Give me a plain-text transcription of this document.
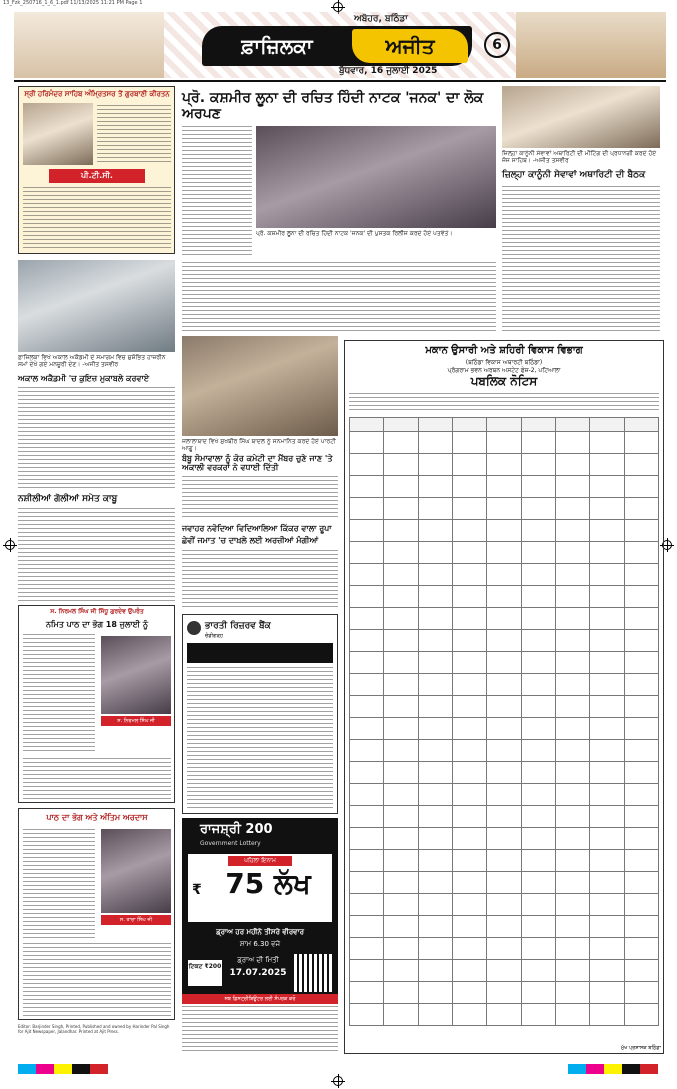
13_Fzk_250716_1_6_1.pdf 11/13/2025 11:21 PM Page 1
ਅਬੋਹਰ, ਬਠਿੰਡਾ
ਫ਼ਾਜ਼ਿਲਕਾ	ਅਜੀਤ	6
ਬੁੱਧਵਾਰ, 16 ਜੁਲਾਈ 2025
ਸ੍ਰੀ ਹਰਿਮੰਦਰ ਸਾਹਿਬ ਅੰਮ੍ਰਿਤਸਰ ਤੋਂ ਗੁਰਬਾਣੀ ਕੀਰਤਨ
ਪੀ.ਟੀ.ਸੀ.
ਫ਼ਾਜ਼ਿਲਕਾ ਵਿਖੇ ਅਕਾਲ ਅਕੈਡਮੀ ਦੇ ਸਮਾਗਮ ਵਿਚ ਸ਼ੁਸ਼ੋਭਿਤ ਹਾਜ਼ਰੀਨ ਸਮਾਂ ਦੇਖੇ ਗਏ ਮਨਜ਼ੂਰੀ ਦੇਣ। -ਅਜੀਤ ਤਸਵੀਰ
ਅਕਾਲ ਅਕੈਡਮੀ 'ਚ ਕੁਇਜ਼ ਮੁਕਾਬਲੇ ਕਰਵਾਏ
ਨਸ਼ੀਲੀਆਂ ਗੋਲੀਆਂ ਸਮੇਤ ਕਾਬੂ
ਸ. ਨਿਰਮਲ ਸਿੰਘ ਜੀ ਸਿੱਧੂ ਗੁਰਦੇਵ ਉਪਰੰਤ
ਨਮਿਤ ਪਾਠ ਦਾ ਭੋਗ 18 ਜੁਲਾਈ ਨੂੰ
ਸ. ਨਿਰਮਲ ਸਿੰਘ ਜੀ
ਪਾਠ ਦਾ ਭੋਗ ਅਤੇ ਅੰਤਿਮ ਅਰਦਾਸ
ਸ. ਤਾਰਾ ਸਿੰਘ ਜੀ
ਪ੍ਰੋ. ਕਸ਼ਮੀਰ ਲੂਨਾ ਦੀ ਰਚਿਤ ਹਿੰਦੀ ਨਾਟਕ 'ਜਨਕ' ਦਾ ਲੋਕ ਅਰਪਣ
ਪ੍ਰੋ. ਕਸ਼ਮੀਰ ਲੂਨਾ ਦੀ ਰਚਿਤ ਹਿੰਦੀ ਨਾਟਕ 'ਜਨਕ' ਦੀ ਪੁਸਤਕ ਰਿਲੀਜ਼ ਕਰਦੇ ਹੋਏ ਪਤਵੰਤੇ।
ਜ਼ਿਲ੍ਹਾ ਕਾਨੂੰਨੀ ਸੇਵਾਵਾਂ ਅਥਾਰਿਟੀ ਦੀ ਮੀਟਿੰਗ ਦੀ ਪ੍ਰਧਾਨਗੀ ਕਰਦੇ ਹੋਏ ਜੱਜ ਸਾਹਿਬ। -ਅਜੀਤ ਤਸਵੀਰ
ਜ਼ਿਲ੍ਹਾ ਕਾਨੂੰਨੀ ਸੇਵਾਵਾਂ ਅਥਾਰਿਟੀ ਦੀ ਬੈਠਕ
ਜਲਾਲਾਬਾਦ ਵਿਖੇ ਸੁਖਬੀਰ ਸਿੰਘ ਬਾਦਲ ਨੂੰ ਸਨਮਾਨਿਤ ਕਰਦੇ ਹੋਏ ਪਾਰਟੀ ਆਗੂ।
ਬੰਬੂ ਸੋਮਾਵਾਲਾ ਨੂੰ ਕੋਰ ਕਮੇਟੀ ਦਾ ਮੈਂਬਰ ਚੁਣੇ ਜਾਣ 'ਤੇ ਅਕਾਲੀ ਵਰਕਰਾਂ ਨੇ ਵਧਾਈ ਦਿੱਤੀ
ਜਵਾਹਰ ਨਵੋਦਿਆ ਵਿਦਿਆਲਿਆ ਕਿੱਕਰ ਵਾਲਾ ਰੂਪਾ
ਛੇਵੀਂ ਜਮਾਤ 'ਚ ਦਾਖ਼ਲੇ ਲਈ ਅਰਜ਼ੀਆਂ ਮੰਗੀਆਂ
ਭਾਰਤੀ ਰਿਜ਼ਰਵ ਬੈਂਕ
ਚੰਡੀਗੜ੍ਹ
ਰਾਜਸ਼੍ਰੀ 200
Government Lottery
ਪਹਿਲਾ ਇਨਾਮ
₹ 75 ਲੱਖ
ਡ੍ਰਾਅ ਹਰ ਮਹੀਨੇ ਤੀਸਰੇ ਵੀਰਵਾਰ
ਸ਼ਾਮ 6.30 ਵਜੇ
ਟਿਕਟ ₹200
ਡ੍ਰਾਅ ਦੀ ਮਿਤੀ
17.07.2025
ਸਬ ਡਿਸਟ੍ਰੀਬਿਊਟਰ ਲਈ ਸੰਪਰਕ ਕਰੋ
ਮਕਾਨ ਉਸਾਰੀ ਅਤੇ ਸ਼ਹਿਰੀ ਵਿਕਾਸ ਵਿਭਾਗ
(ਬਠਿੰਡਾ ਵਿਕਾਸ ਅਥਾਰਟੀ ਬਠਿੰਡਾ)
ਪ੍ਰੋਗਰਾਮ ਭਵਨ ਅਰਬਨ ਅਸਟੇਟ ਫੇਜ਼-2, ਪਟਿਆਲਾ
ਪਬਲਿਕ ਨੋਟਿਸ

ਮੁੱਖ ਪ੍ਰਸ਼ਾਸਕ ਬਠਿੰਡਾ
Editor: Barjinder Singh, Printed, Published and owned by Harinder Pal Singh for Ajit Newspaper, Jalandhar. Printed at Ajit Press.
